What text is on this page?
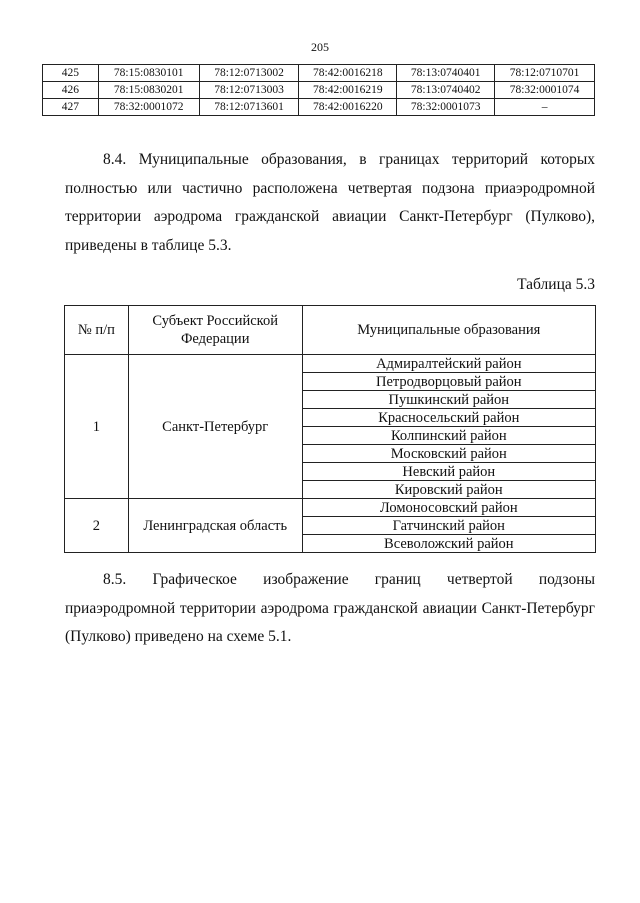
205
425	78:15:0830101	78:12:0713002	78:42:0016218	78:13:0740401	78:12:0710701
426	78:15:0830201	78:12:0713003	78:42:0016219	78:13:0740402	78:32:0001074
427	78:32:0001072	78:12:0713601	78:42:0016220	78:32:0001073	–

8.4. Муниципальные образования, в границах территорий которых полностью или частично расположена четвертая подзона приаэродромной территории аэродрома гражданской авиации Санкт-Петербург (Пулково), приведены в таблице 5.3.

Таблица 5.3
№ п/п	Субъект Российской Федерации	Муниципальные образования
1	Санкт-Петербург	Адмиралтейский район
		Петродворцовый район
		Пушкинский район
		Красносельский район
		Колпинский район
		Московский район
		Невский район
		Кировский район
2	Ленинградская область	Ломоносовский район
		Гатчинский район
		Всеволожский район

8.5. Графическое изображение границ четвертой подзоны приаэродромной территории аэродрома гражданской авиации Санкт-Петербург (Пулково) приведено на схеме 5.1.
